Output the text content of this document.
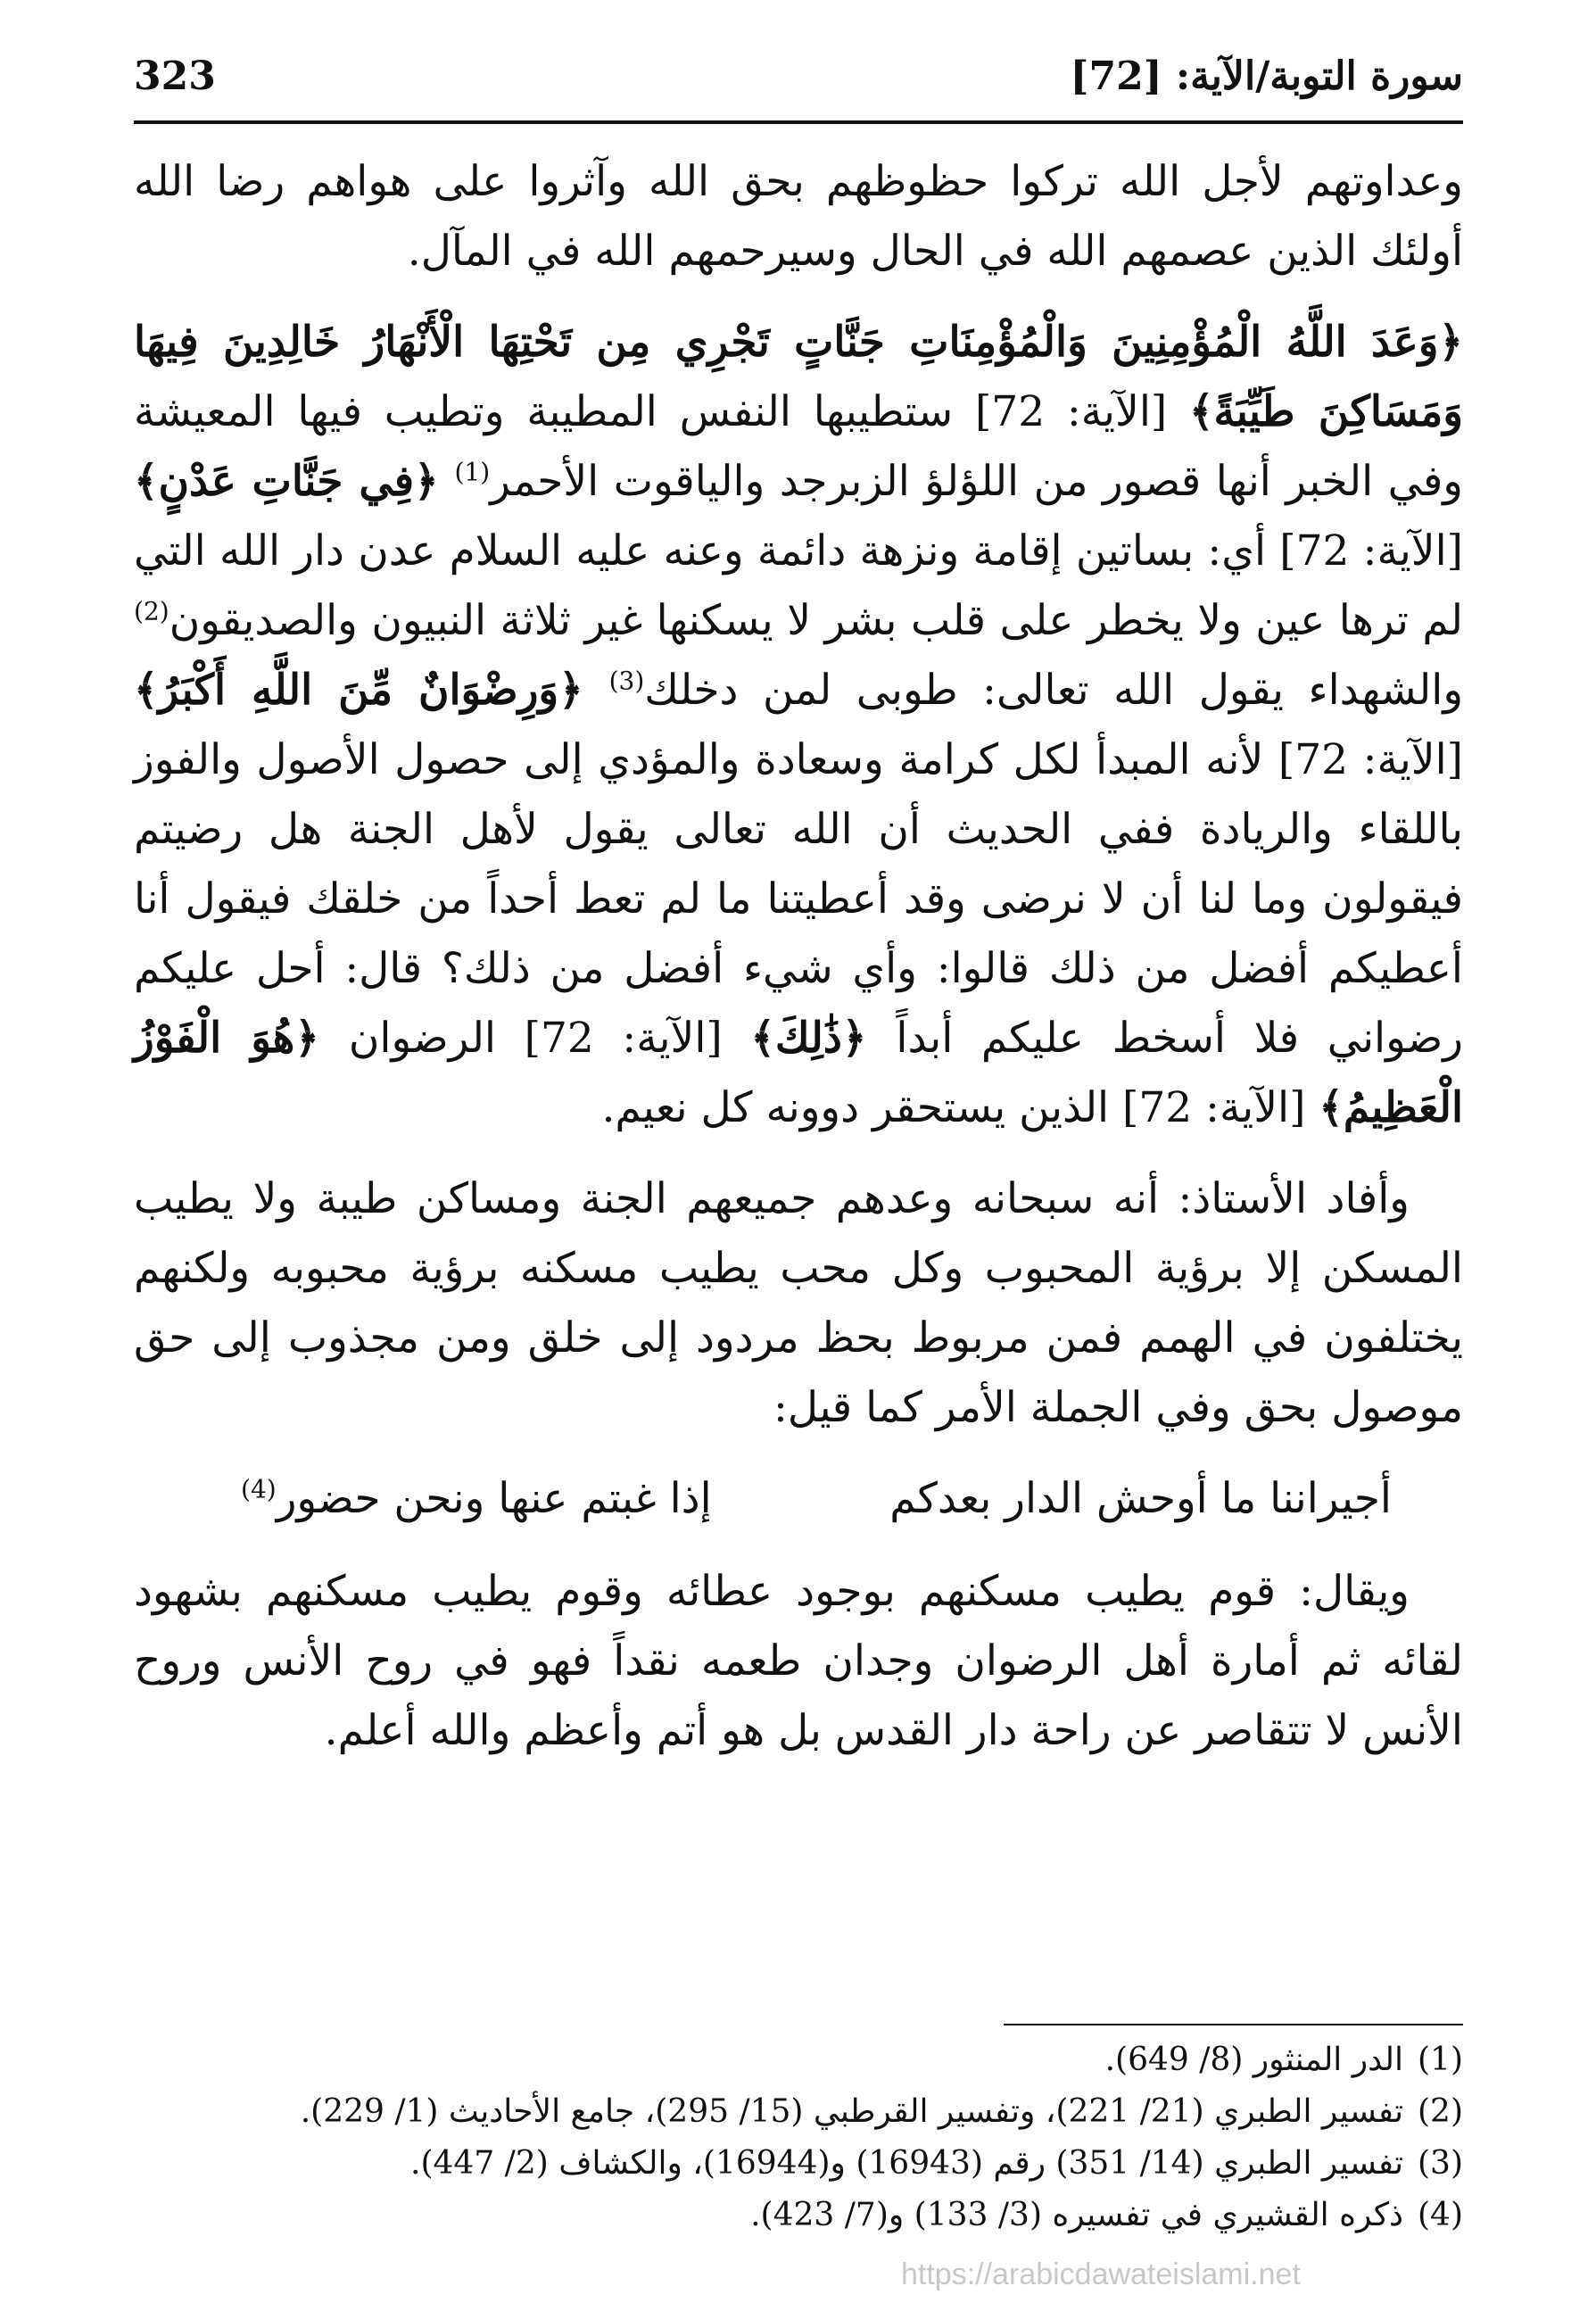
سورة التوبة/الآية: [72]
323

وعداوتهم لأجل الله تركوا حظوظهم بحق الله وآثروا على هواهم رضا الله أولئك الذين عصمهم الله في الحال وسيرحمهم الله في المآل.

﴿وَعَدَ اللَّهُ الْمُؤْمِنِينَ وَالْمُؤْمِنَاتِ جَنَّاتٍ تَجْرِي مِن تَحْتِهَا الْأَنْهَارُ خَالِدِينَ فِيهَا وَمَسَاكِنَ طَيِّبَةً﴾ [الآية: 72] ستطيبها النفس المطيبة وتطيب فيها المعيشة وفي الخبر أنها قصور من اللؤلؤ الزبرجد والياقوت الأحمر$^{(1)}$ ﴿فِي جَنَّاتِ عَدْنٍ﴾ [الآية: 72] أي: بساتين إقامة ونزهة دائمة وعنه عليه السلام عدن دار الله التي لم ترها عين ولا يخطر على قلب بشر لا يسكنها غير ثلاثة النبيون والصديقون$^{(2)}$ والشهداء يقول الله تعالى: طوبى لمن دخلك$^{(3)}$ ﴿وَرِضْوَانٌ مِّنَ اللَّهِ أَكْبَرُ﴾ [الآية: 72] لأنه المبدأ لكل كرامة وسعادة والمؤدي إلى حصول الأصول والفوز باللقاء والريادة ففي الحديث أن الله تعالى يقول لأهل الجنة هل رضيتم فيقولون وما لنا أن لا نرضى وقد أعطيتنا ما لم تعط أحداً من خلقك فيقول أنا أعطيكم أفضل من ذلك قالوا: وأي شيء أفضل من ذلك؟ قال: أحل عليكم رضواني فلا أسخط عليكم أبداً ﴿ذَٰلِكَ﴾ [الآية: 72] الرضوان ﴿هُوَ الْفَوْزُ الْعَظِيمُ﴾ [الآية: 72] الذين يستحقر دوونه كل نعيم.

وأفاد الأستاذ: أنه سبحانه وعدهم جميعهم الجنة ومساكن طيبة ولا يطيب المسكن إلا برؤية المحبوب وكل محب يطيب مسكنه برؤية محبوبه ولكنهم يختلفون في الهمم فمن مربوط بحظ مردود إلى خلق ومن مجذوب إلى حق موصول بحق وفي الجملة الأمر كما قيل:

أجيراننا ما أوحش الدار بعدكم
إذا غبتم عنها ونحن حضور$^{(4)}$

ويقال: قوم يطيب مسكنهم بوجود عطائه وقوم يطيب مسكنهم بشهود لقائه ثم أمارة أهل الرضوان وجدان طعمه نقداً فهو في روح الأنس وروح الأنس لا تتقاصر عن راحة دار القدس بل هو أتم وأعظم والله أعلم.

(1)
الدر المنثور (8/ 649).
(2)
تفسير الطبري (21/ 221)، وتفسير القرطبي (15/ 295)، جامع الأحاديث (1/ 229).
(3)
تفسير الطبري (14/ 351) رقم (16943) و(16944)، والكشاف (2/ 447).
(4)
ذكره القشيري في تفسيره (3/ 133) و(7/ 423).
https://arabicdawateislami.net
